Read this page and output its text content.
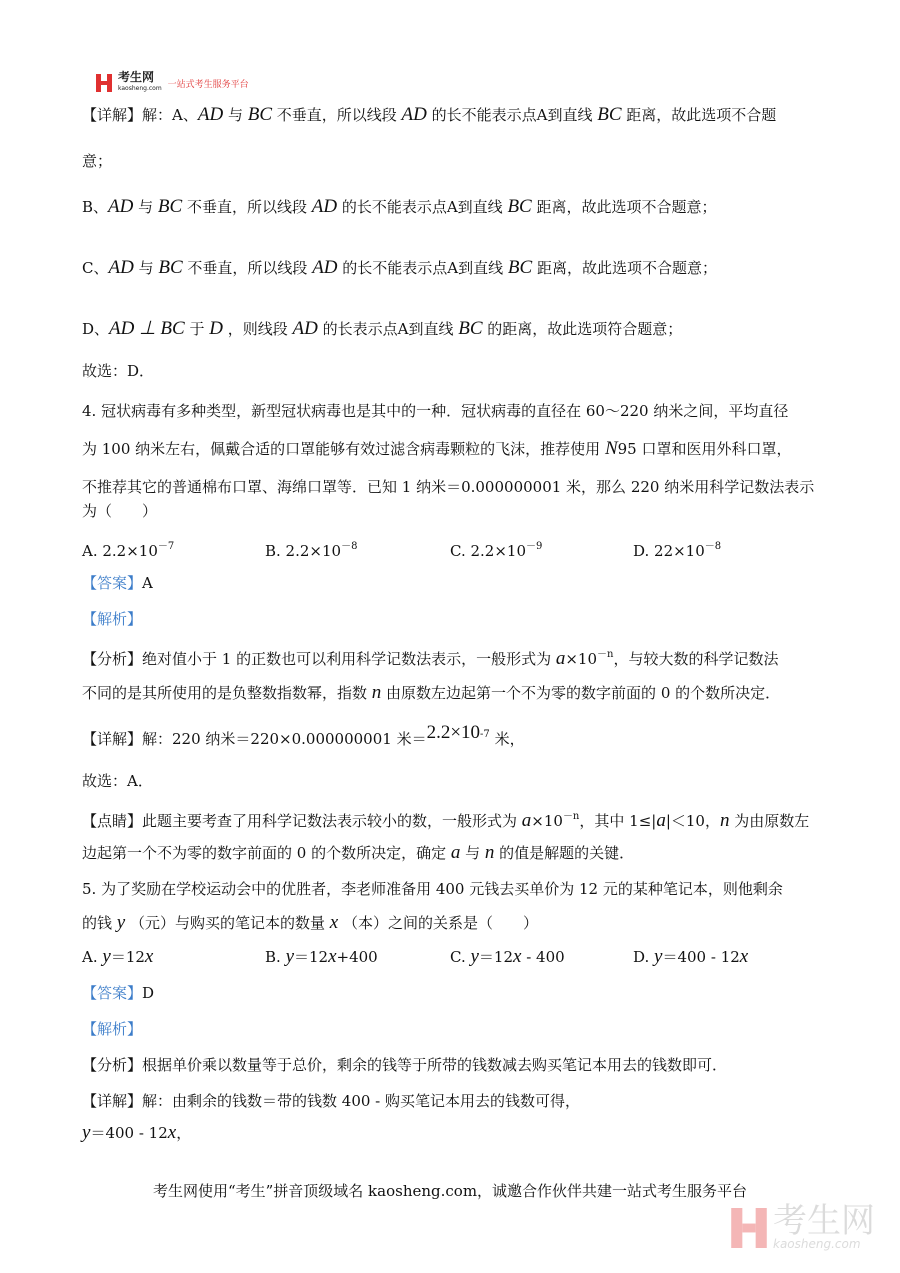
考生网
kaosheng.com 一站式考生服务平台
【详解】解：A、AD 与 BC 不垂直，所以线段 AD 的长不能表示点A到直线 BC 距离，故此选项不合题
意；
B、AD 与 BC 不垂直，所以线段 AD 的长不能表示点A到直线 BC 距离，故此选项不合题意；
C、AD 与 BC 不垂直，所以线段 AD 的长不能表示点A到直线 BC 距离，故此选项不合题意；
D、AD ⊥ BC 于 D ，则线段 AD 的长表示点A到直线 BC 的距离，故此选项符合题意；
故选：D．
4. 冠状病毒有多种类型，新型冠状病毒也是其中的一种．冠状病毒的直径在 60～220 纳米之间，平均直径
为 100 纳米左右，佩戴合适的口罩能够有效过滤含病毒颗粒的飞沫，推荐使用 N95 口罩和医用外科口罩，
不推荐其它的普通棉布口罩、海绵口罩等．已知 1 纳米＝0.000000001 米，那么 220 纳米用科学记数法表示
为（　　）
【答案】A
【解析】
【分析】绝对值小于 1 的正数也可以利用科学记数法表示，一般形式为 $a\times 10^{-n}$，与较大数的科学记数法
不同的是其所使用的是负整数指数幂，指数 n 由原数左边起第一个不为零的数字前面的 0 的个数所决定．
【详解】解：220 纳米＝220×0.000000001 米$=2.2\times 10^{-7}$ 米，
故选：A．
【点睛】此题主要考查了用科学记数法表示较小的数，一般形式为 $a\times 10^{-n}$，其中 1≤|a|＜10，n 为由原数左
边起第一个不为零的数字前面的 0 的个数所决定，确定 a 与 n 的值是解题的关键．
5. 为了奖励在学校运动会中的优胜者，李老师准备用 400 元钱去买单价为 12 元的某种笔记本，则他剩余
的钱 y （元）与购买的笔记本的数量 x （本）之间的关系是（　　）
【答案】D
【解析】
【分析】根据单价乘以数量等于总价，剩余的钱等于所带的钱数减去购买笔记本用去的钱数即可．
【详解】解：由剩余的钱数＝带的钱数 400 - 购买笔记本用去的钱数可得，
y＝400 - 12x，
A. $2.2\times 10^{-7}$	B. $2.2\times 10^{-8}$	C. $2.2\times 10^{-9}$	D. $22\times 10^{-8}$
A. y＝12x	B. y＝12x+400	C. y＝12x - 400	D. y＝400 - 12x
考生网使用“考生”拼音顶级域名 kaosheng.com，诚邀合作伙伴共建一站式考生服务平台
考生网
kaosheng.com
